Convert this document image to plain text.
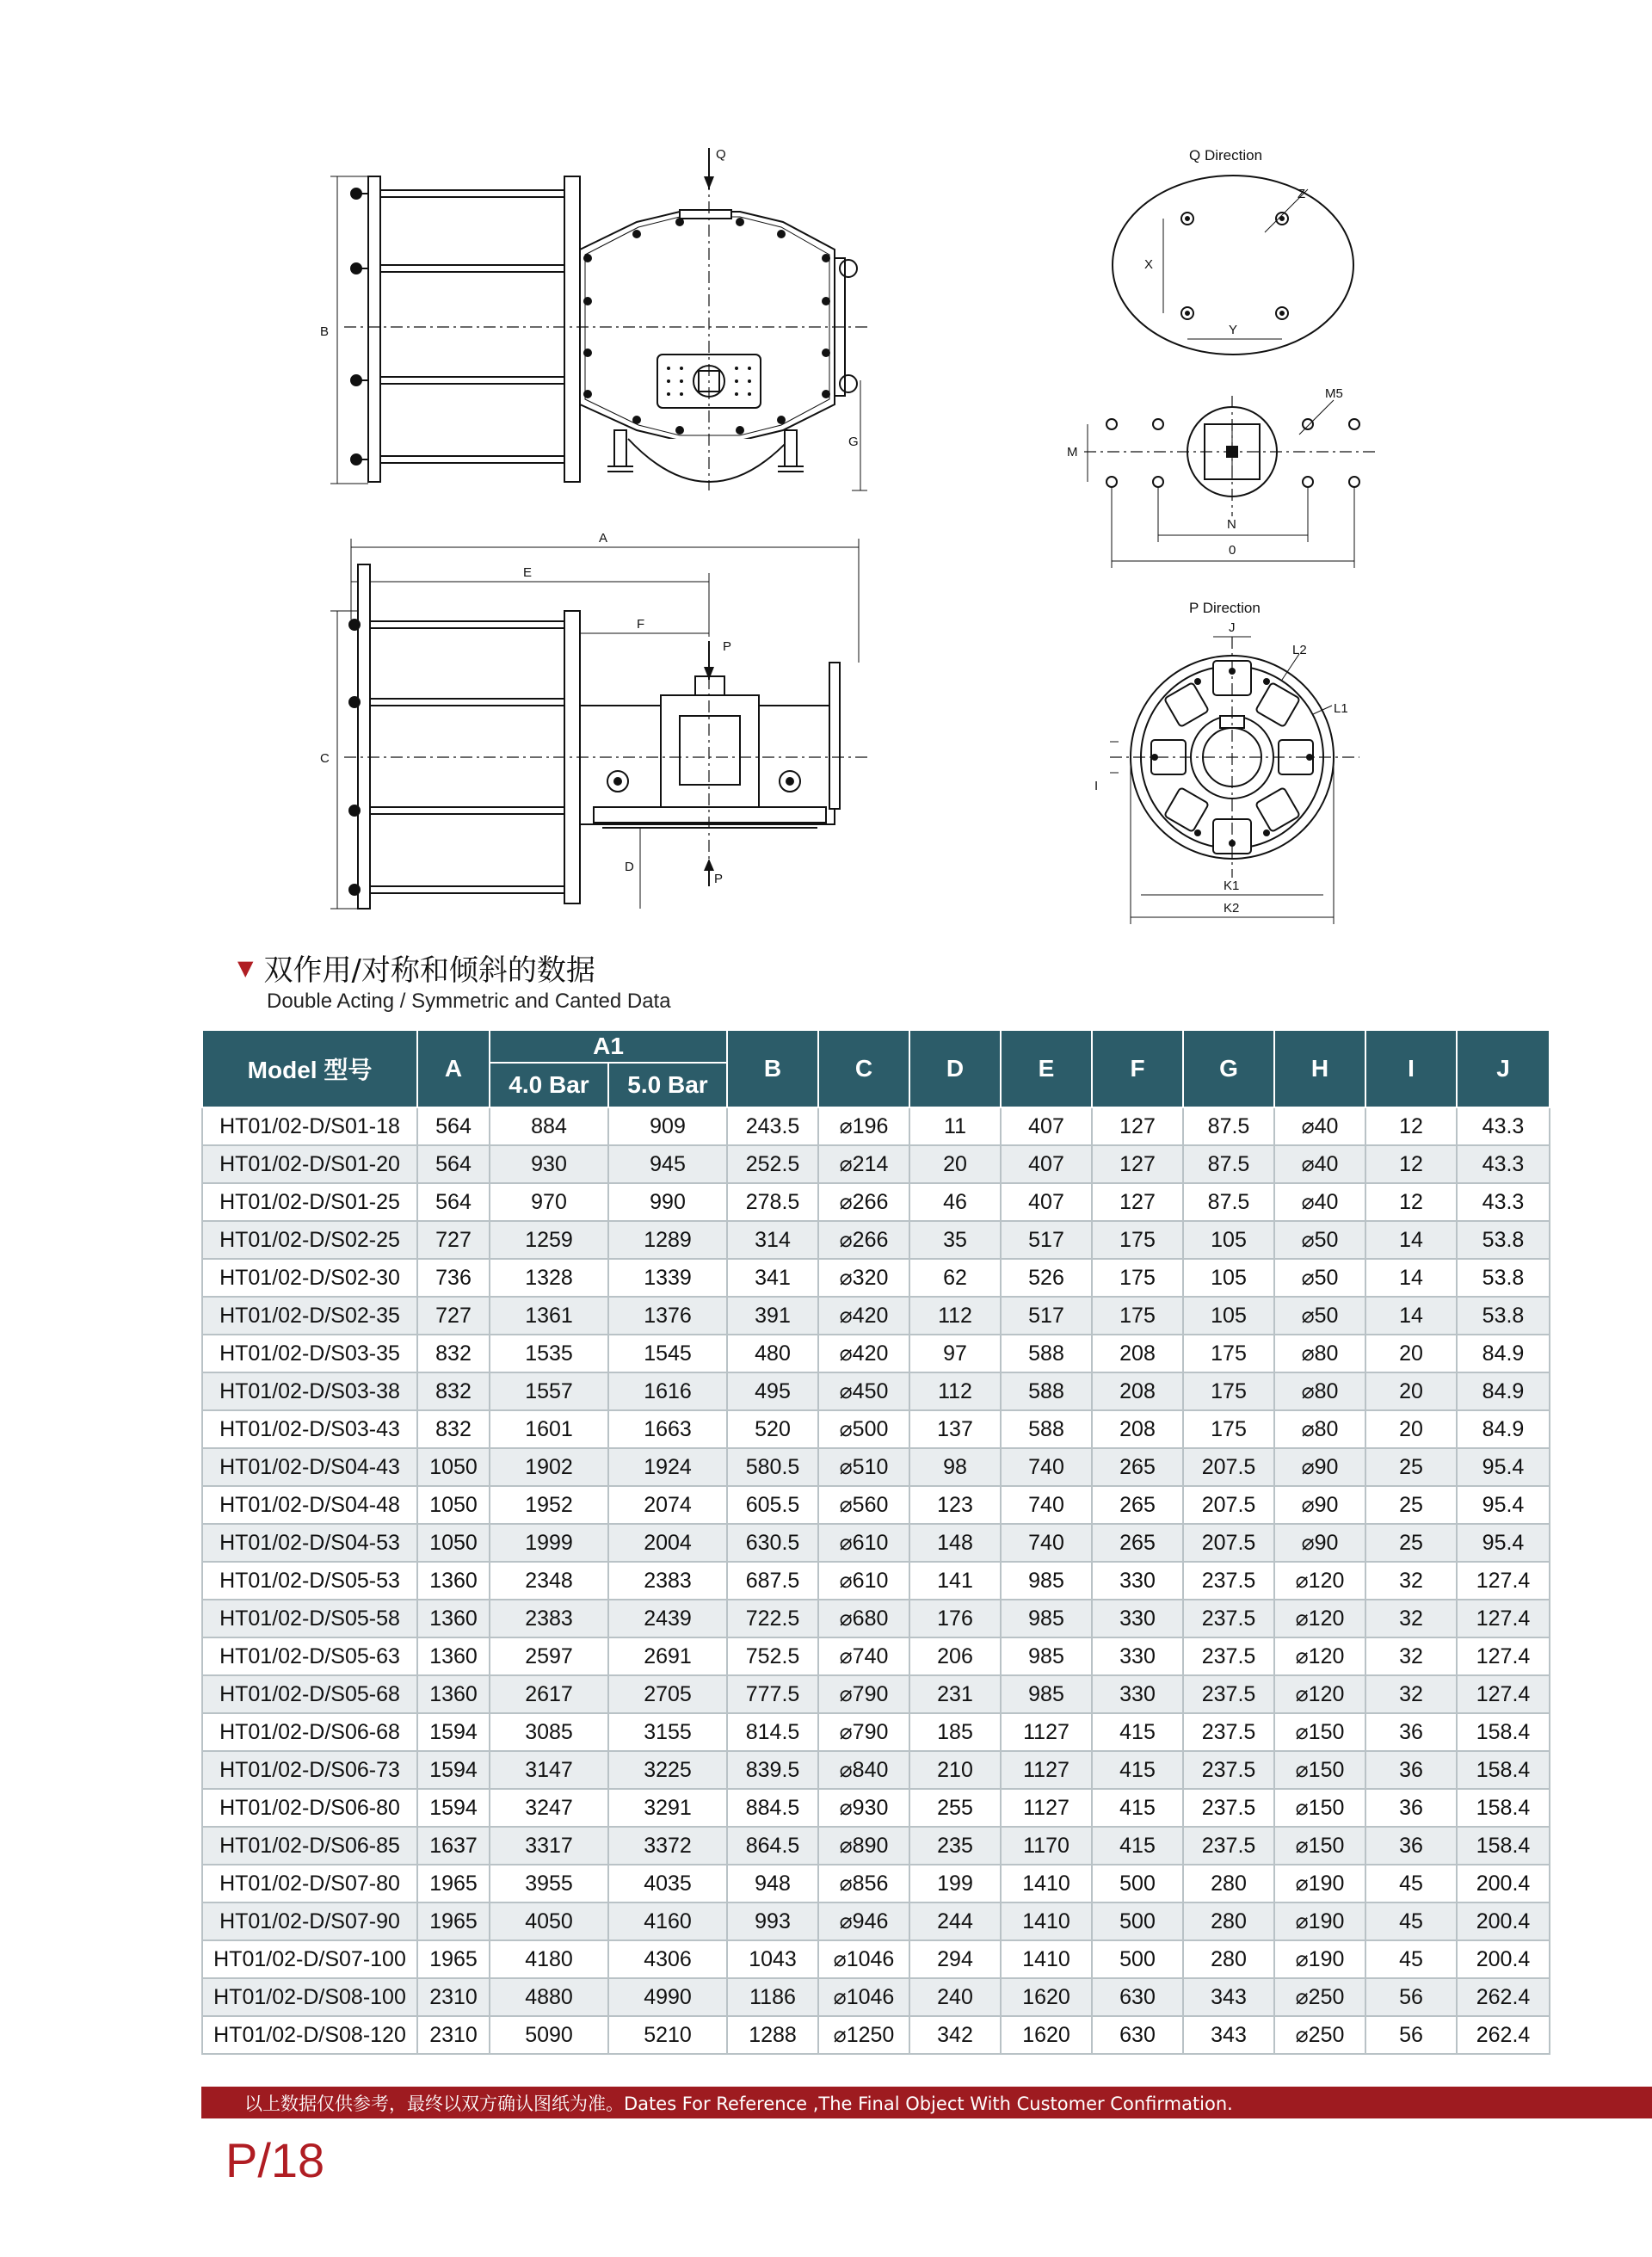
Q
B
G
A
E
F
P
C
D
P
Q Direction
X
Y
Z
M
M5
N
0
P Direction
J
L2
L1
I
K1
K2
▼ 双作用/对称和倾斜的数据
Double Acting / Symmetric and Canted Data
Model 型号	A	A1		B	C	D	E	F	G	H	I	J
		4.0 Bar	5.0 Bar									
HT01/02-D/S01-18	564	884	909	243.5	⌀196	11	407	127	87.5	⌀40	12	43.3
HT01/02-D/S01-20	564	930	945	252.5	⌀214	20	407	127	87.5	⌀40	12	43.3
HT01/02-D/S01-25	564	970	990	278.5	⌀266	46	407	127	87.5	⌀40	12	43.3
HT01/02-D/S02-25	727	1259	1289	314	⌀266	35	517	175	105	⌀50	14	53.8
HT01/02-D/S02-30	736	1328	1339	341	⌀320	62	526	175	105	⌀50	14	53.8
HT01/02-D/S02-35	727	1361	1376	391	⌀420	112	517	175	105	⌀50	14	53.8
HT01/02-D/S03-35	832	1535	1545	480	⌀420	97	588	208	175	⌀80	20	84.9
HT01/02-D/S03-38	832	1557	1616	495	⌀450	112	588	208	175	⌀80	20	84.9
HT01/02-D/S03-43	832	1601	1663	520	⌀500	137	588	208	175	⌀80	20	84.9
HT01/02-D/S04-43	1050	1902	1924	580.5	⌀510	98	740	265	207.5	⌀90	25	95.4
HT01/02-D/S04-48	1050	1952	2074	605.5	⌀560	123	740	265	207.5	⌀90	25	95.4
HT01/02-D/S04-53	1050	1999	2004	630.5	⌀610	148	740	265	207.5	⌀90	25	95.4
HT01/02-D/S05-53	1360	2348	2383	687.5	⌀610	141	985	330	237.5	⌀120	32	127.4
HT01/02-D/S05-58	1360	2383	2439	722.5	⌀680	176	985	330	237.5	⌀120	32	127.4
HT01/02-D/S05-63	1360	2597	2691	752.5	⌀740	206	985	330	237.5	⌀120	32	127.4
HT01/02-D/S05-68	1360	2617	2705	777.5	⌀790	231	985	330	237.5	⌀120	32	127.4
HT01/02-D/S06-68	1594	3085	3155	814.5	⌀790	185	1127	415	237.5	⌀150	36	158.4
HT01/02-D/S06-73	1594	3147	3225	839.5	⌀840	210	1127	415	237.5	⌀150	36	158.4
HT01/02-D/S06-80	1594	3247	3291	884.5	⌀930	255	1127	415	237.5	⌀150	36	158.4
HT01/02-D/S06-85	1637	3317	3372	864.5	⌀890	235	1170	415	237.5	⌀150	36	158.4
HT01/02-D/S07-80	1965	3955	4035	948	⌀856	199	1410	500	280	⌀190	45	200.4
HT01/02-D/S07-90	1965	4050	4160	993	⌀946	244	1410	500	280	⌀190	45	200.4
HT01/02-D/S07-100	1965	4180	4306	1043	⌀1046	294	1410	500	280	⌀190	45	200.4
HT01/02-D/S08-100	2310	4880	4990	1186	⌀1046	240	1620	630	343	⌀250	56	262.4
HT01/02-D/S08-120	2310	5090	5210	1288	⌀1250	342	1620	630	343	⌀250	56	262.4
以上数据仅供参考，最终以双方确认图纸为准。Dates For Reference ,The Final Object With Customer Confirmation.
P/18
